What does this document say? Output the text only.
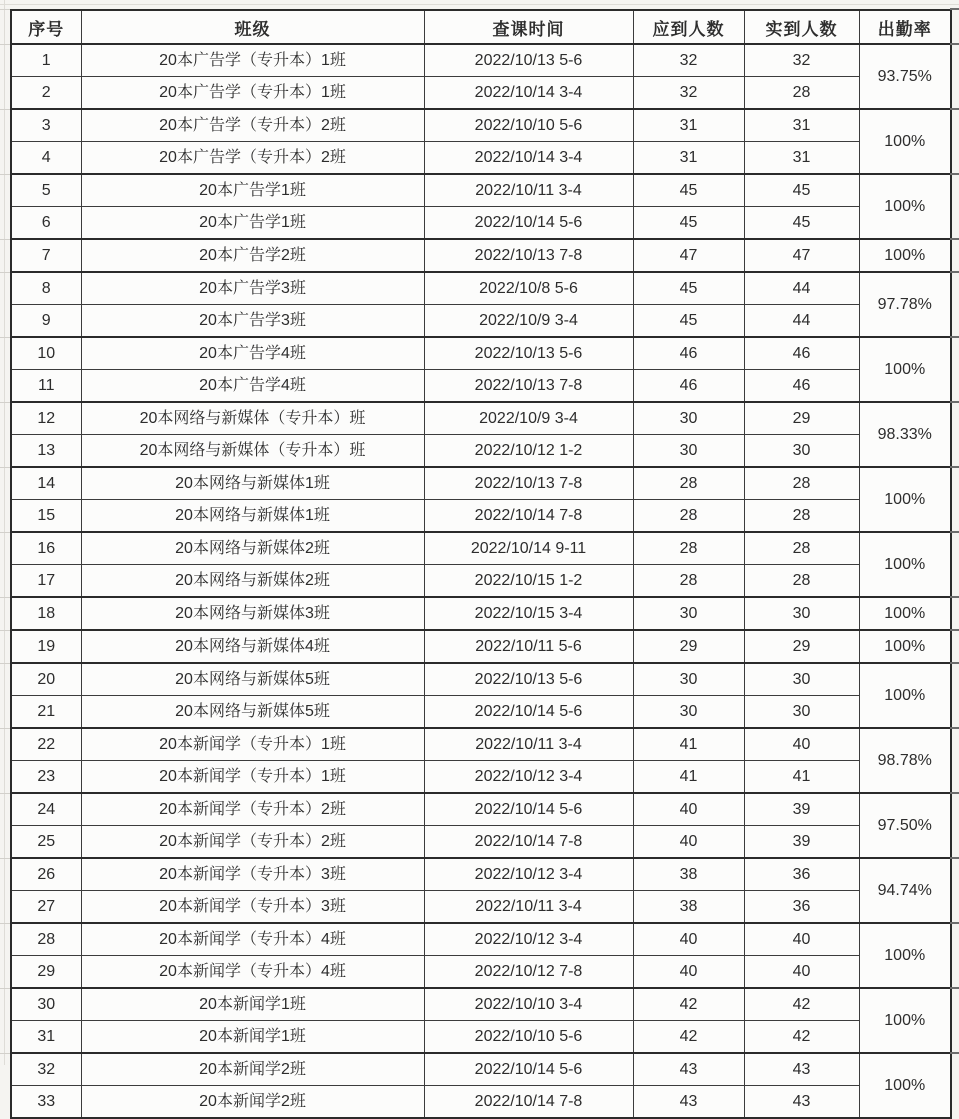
序号	班级	查课时间	应到人数	实到人数	出勤率
1	20本广告学（专升本）1班	2022/10/13 5-6	32	32	93.75%
2	20本广告学（专升本）1班	2022/10/14 3-4	32	28	
3	20本广告学（专升本）2班	2022/10/10 5-6	31	31	100%
4	20本广告学（专升本）2班	2022/10/14 3-4	31	31	
5	20本广告学1班	2022/10/11 3-4	45	45	100%
6	20本广告学1班	2022/10/14 5-6	45	45	
7	20本广告学2班	2022/10/13 7-8	47	47	100%
8	20本广告学3班	2022/10/8 5-6	45	44	97.78%
9	20本广告学3班	2022/10/9 3-4	45	44	
10	20本广告学4班	2022/10/13 5-6	46	46	100%
11	20本广告学4班	2022/10/13 7-8	46	46	
12	20本网络与新媒体（专升本）班	2022/10/9 3-4	30	29	98.33%
13	20本网络与新媒体（专升本）班	2022/10/12 1-2	30	30	
14	20本网络与新媒体1班	2022/10/13 7-8	28	28	100%
15	20本网络与新媒体1班	2022/10/14 7-8	28	28	
16	20本网络与新媒体2班	2022/10/14 9-11	28	28	100%
17	20本网络与新媒体2班	2022/10/15 1-2	28	28	
18	20本网络与新媒体3班	2022/10/15 3-4	30	30	100%
19	20本网络与新媒体4班	2022/10/11 5-6	29	29	100%
20	20本网络与新媒体5班	2022/10/13 5-6	30	30	100%
21	20本网络与新媒体5班	2022/10/14 5-6	30	30	
22	20本新闻学（专升本）1班	2022/10/11 3-4	41	40	98.78%
23	20本新闻学（专升本）1班	2022/10/12 3-4	41	41	
24	20本新闻学（专升本）2班	2022/10/14 5-6	40	39	97.50%
25	20本新闻学（专升本）2班	2022/10/14 7-8	40	39	
26	20本新闻学（专升本）3班	2022/10/12 3-4	38	36	94.74%
27	20本新闻学（专升本）3班	2022/10/11 3-4	38	36	
28	20本新闻学（专升本）4班	2022/10/12 3-4	40	40	100%
29	20本新闻学（专升本）4班	2022/10/12 7-8	40	40	
30	20本新闻学1班	2022/10/10 3-4	42	42	100%
31	20本新闻学1班	2022/10/10 5-6	42	42	
32	20本新闻学2班	2022/10/14 5-6	43	43	100%
33	20本新闻学2班	2022/10/14 7-8	43	43	
